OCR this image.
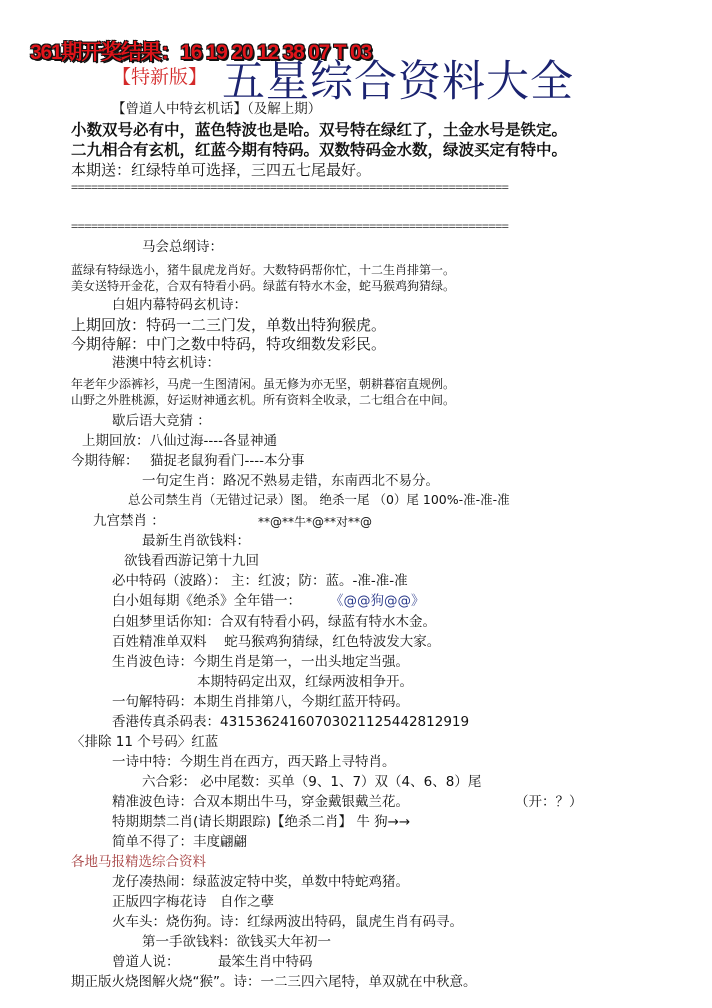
361期开奖结果：16 19 20 12 38 07 T 03
【特新版】 五星综合资料大全
【曾道人中特玄机话】（及解上期）
小数双号必有中，蓝色特波也是哈。双号特在绿红了，土金水号是铁定。
二九相合有玄机，红蓝今期有特码。双数特码金水数，绿波买定有特中。
本期送：红绿特单可选择，三四五七尾最好。
==================================================================
==================================================================
马会总纲诗：
蓝绿有特绿选小，猪牛鼠虎龙肖好。大数特码帮你忙，十二生肖排第一。
美女送特开金花，合双有特看小码。绿蓝有特水木金，蛇马猴鸡狗猜绿。
白姐内幕特码玄机诗：
上期回放：特码一二三门发，单数出特狗猴虎。
今期待解：中门之数中特码，特攻细数发彩民。
港澳中特玄机诗：
年老年少添裤衫，马虎一生图清闲。虽无修为亦无坚，朝耕暮宿直规例。
山野之外胜桃源，好运财神通玄机。所有资料全收录，二七组合在中间。
歇后语大竞猜 ：
上期回放：八仙过海----各显神通
今期待解： 猫捉老鼠狗看门----本分事
一句定生肖：路况不熟易走错，东南西北不易分。
总公司禁生肖（无错过记录）图。 绝杀一尾 （0）尾 100%-准-准-准
九宫禁肖 ：	**@**牛*@**对**@
最新生肖欲钱料：
欲钱看西游记第十九回
必中特码（波路）： 主：红波；防：蓝。-准-准-准
白小姐每期《绝杀》全年错一： 《@@狗@@》
白姐梦里话你知：合双有特看小码，绿蓝有特水木金。
百姓精准单双料　 蛇马猴鸡狗猜绿，红色特波发大家。
生肖波色诗：今期生肖是第一，一出头地定当强。
本期特码定出双，红绿两波相争开。
一句解特码：本期生肖排第八，今期红蓝开特码。
香港传真杀码表：43153624160703021125442812919
〈排除 11 个号码〉红蓝
一诗中特：今期生肖在西方，西天路上寻特肖。
六合彩： 必中尾数：买单（9、1、7）双（4、6、8）尾
精准波色诗：合双本期出牛马，穿金戴银戴兰花。	（开：？）
特期期禁二肖(请长期跟踪)【绝杀二肖】 牛 狗→→
简单不得了：丰度翩翩
各地马报精选综合资料
龙仔凑热闹：绿蓝波定特中奖，单数中特蛇鸡猪。
正版四字梅花诗　自作之孽
火车头：烧伤狗。诗：红绿两波出特码，鼠虎生肖有码寻。
第一手欲钱料：欲钱买大年初一
曾道人说：	最笨生肖中特码
期正版火烧图解火烧“猴”。诗：一二三四六尾特，单双就在中秋意。
